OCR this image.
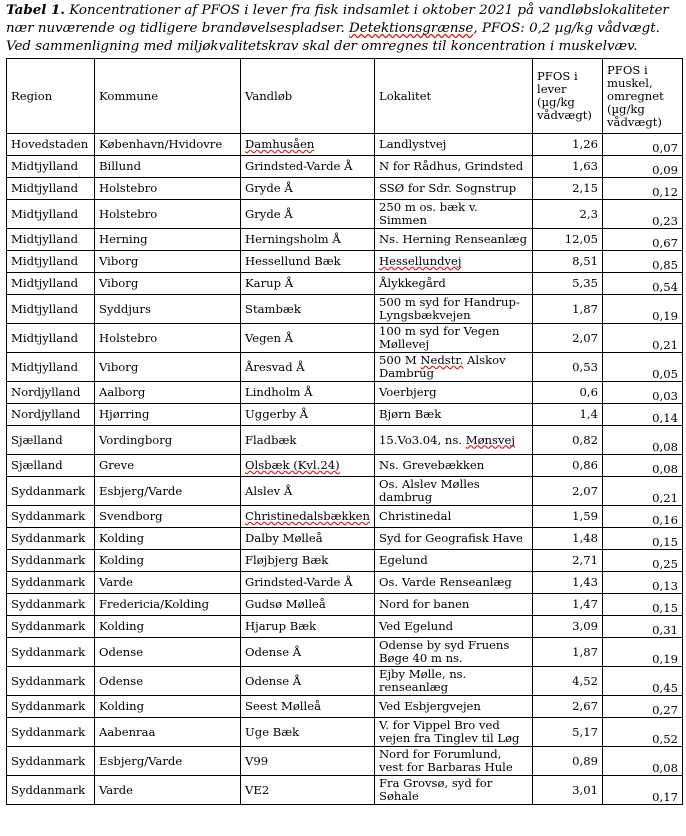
Tabel 1. Koncentrationer af PFOS i lever fra fisk indsamlet i oktober 2021 på vandløbslokaliteter nær nuværende og tidligere brandøvelsespladser. Detektionsgrænse, PFOS: 0,2 µg/kg vådvægt. Ved sammenligning med miljøkvalitetskrav skal der omregnes til koncentration i muskelvæv.
Region	Kommune	Vandløb	Lokalitet	PFOS i lever (µg/kg vådvægt)	PFOS i muskel, omregnet (µg/kg vådvægt)
Hovedstaden	København/Hvidovre	Damhusåen	Landlystvej	1,26	0,07
Midtjylland	Billund	Grindsted-Varde Å	N for Rådhus, Grindsted	1,63	0,09
Midtjylland	Holstebro	Gryde Å	SSØ for Sdr. Sognstrup	2,15	0,12
Midtjylland	Holstebro	Gryde Å	250 m os. bæk v. Simmen	2,3	0,23
Midtjylland	Herning	Herningsholm Å	Ns. Herning Renseanlæg	12,05	0,67
Midtjylland	Viborg	Hessellund Bæk	Hessellundvej	8,51	0,85
Midtjylland	Viborg	Karup Å	Ålykkegård	5,35	0,54
Midtjylland	Syddjurs	Stambæk	500 m syd for Handrup-Lyngsbækvejen	1,87	0,19
Midtjylland	Holstebro	Vegen Å	100 m syd for Vegen Møllevej	2,07	0,21
Midtjylland	Viborg	Åresvad Å	500 M Nedstr. Alskov Dambrug	0,53	0,05
Nordjylland	Aalborg	Lindholm Å	Voerbjerg	0,6	0,03
Nordjylland	Hjørring	Uggerby Å	Bjørn Bæk	1,4	0,14
Sjælland	Vordingborg	Fladbæk	15.Vo3.04, ns. Mønsvej	0,82	0,08
Sjælland	Greve	Olsbæk (Kvl.24)	Ns. Grevebækken	0,86	0,08
Syddanmark	Esbjerg/Varde	Alslev Å	Os. Alslev Mølles dambrug	2,07	0,21
Syddanmark	Svendborg	Christinedalsbækken	Christinedal	1,59	0,16
Syddanmark	Kolding	Dalby Mølleå	Syd for Geografisk Have	1,48	0,15
Syddanmark	Kolding	Fløjbjerg Bæk	Egelund	2,71	0,25
Syddanmark	Varde	Grindsted-Varde Å	Os. Varde Renseanlæg	1,43	0,13
Syddanmark	Fredericia/Kolding	Gudsø Mølleå	Nord for banen	1,47	0,15
Syddanmark	Kolding	Hjarup Bæk	Ved Egelund	3,09	0,31
Syddanmark	Odense	Odense Å	Odense by syd Fruens Bøge 40 m ns.	1,87	0,19
Syddanmark	Odense	Odense Å	Ejby Mølle, ns. renseanlæg	4,52	0,45
Syddanmark	Kolding	Seest Mølleå	Ved Esbjergvejen	2,67	0,27
Syddanmark	Aabenraa	Uge Bæk	V. for Vippel Bro ved vejen fra Tinglev til Løg	5,17	0,52
Syddanmark	Esbjerg/Varde	V99	Nord for Forumlund, vest for Barbaras Hule	0,89	0,08
Syddanmark	Varde	VE2	Fra Grovsø, syd for Søhale	3,01	0,17
